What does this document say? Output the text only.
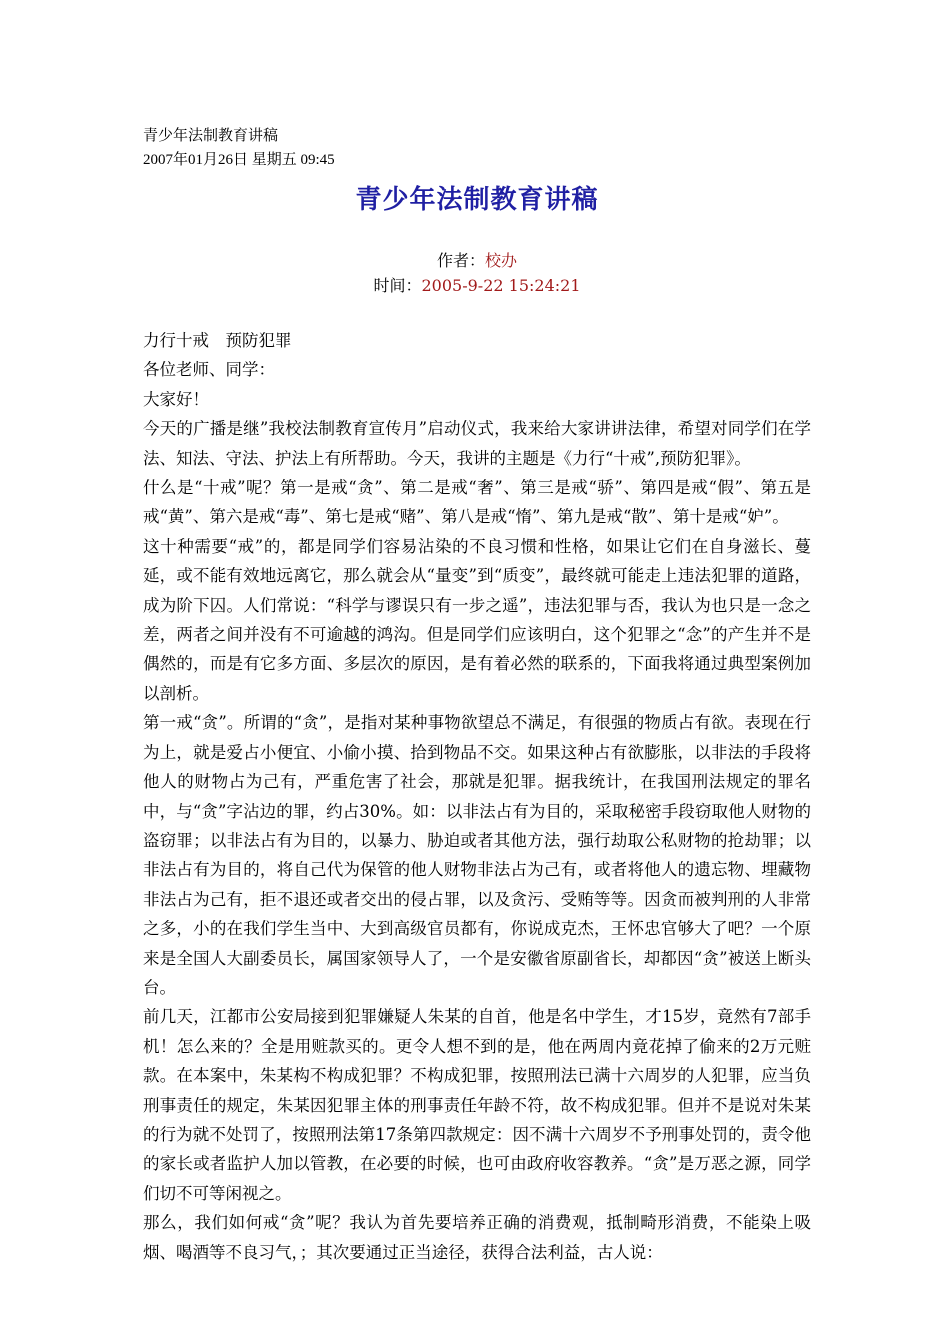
青少年法制教育讲稿
2007年01月26日 星期五 09:45
青少年法制教育讲稿
作者：校办
时间：2005-9-22 15:24:21

力行十戒　预防犯罪

各位老师、同学：

大家好！

今天的广播是继”我校法制教育宣传月”启动仪式，我来给大家讲讲法律，希望对同学们在学法、知法、守法、护法上有所帮助。今天，我讲的主题是《力行“十戒”,预防犯罪》。

什么是“十戒”呢？第一是戒“贪”、第二是戒“奢”、第三是戒“骄”、第四是戒“假”、第五是戒“黄”、第六是戒“毒”、第七是戒“赌”、第八是戒“惰”、第九是戒“散”、第十是戒“妒”。

这十种需要“戒”的，都是同学们容易沾染的不良习惯和性格，如果让它们在自身滋长、蔓延，或不能有效地远离它，那么就会从“量变”到“质变”，最终就可能走上违法犯罪的道路，成为阶下囚。人们常说：“科学与谬误只有一步之遥”，违法犯罪与否，我认为也只是一念之差，两者之间并没有不可逾越的鸿沟。但是同学们应该明白，这个犯罪之“念”的产生并不是偶然的，而是有它多方面、多层次的原因，是有着必然的联系的，下面我将通过典型案例加以剖析。

第一戒“贪”。所谓的“贪”，是指对某种事物欲望总不满足，有很强的物质占有欲。表现在行为上，就是爱占小便宜、小偷小摸、拾到物品不交。如果这种占有欲膨胀，以非法的手段将他人的财物占为己有，严重危害了社会，那就是犯罪。据我统计，在我国刑法规定的罪名中，与“贪”字沾边的罪，约占30%。如：以非法占有为目的，采取秘密手段窃取他人财物的盗窃罪；以非法占有为目的，以暴力、胁迫或者其他方法，强行劫取公私财物的抢劫罪；以非法占有为目的，将自己代为保管的他人财物非法占为己有，或者将他人的遗忘物、埋藏物非法占为己有，拒不退还或者交出的侵占罪，以及贪污、受贿等等。因贪而被判刑的人非常之多，小的在我们学生当中、大到高级官员都有，你说成克杰，王怀忠官够大了吧？一个原来是全国人大副委员长，属国家领导人了，一个是安徽省原副省长，却都因“贪”被送上断头台。

前几天，江都市公安局接到犯罪嫌疑人朱某的自首，他是名中学生，才15岁，竟然有7部手机！怎么来的？全是用赃款买的。更令人想不到的是，他在两周内竟花掉了偷来的2万元赃款。在本案中，朱某构不构成犯罪？不构成犯罪，按照刑法已满十六周岁的人犯罪，应当负刑事责任的规定，朱某因犯罪主体的刑事责任年龄不符，故不构成犯罪。但并不是说对朱某的行为就不处罚了，按照刑法第17条第四款规定：因不满十六周岁不予刑事处罚的，责令他的家长或者监护人加以管教，在必要的时候，也可由政府收容教养。“贪”是万恶之源，同学们切不可等闲视之。

那么，我们如何戒“贪”呢？我认为首先要培养正确的消费观，抵制畸形消费，不能染上吸烟、喝酒等不良习气，；其次要通过正当途径，获得合法利益，古人说：
